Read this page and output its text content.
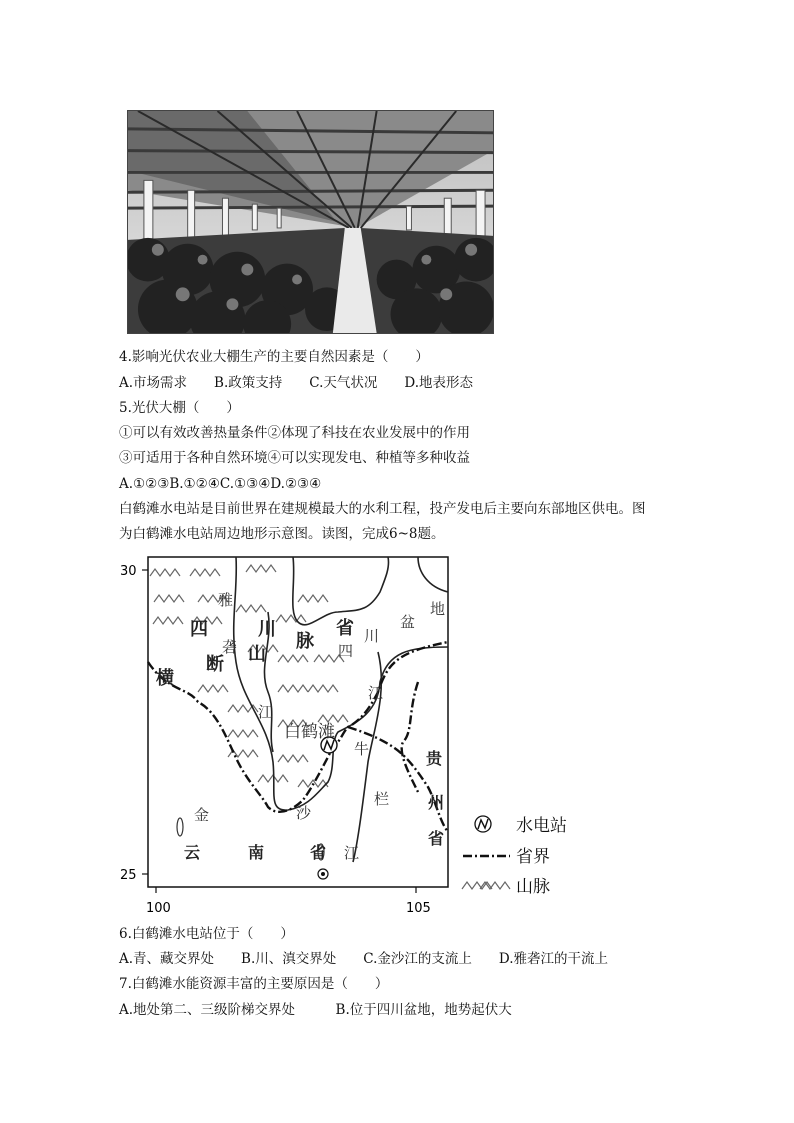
4.影响光伏农业大棚生产的主要自然因素是（　　）
A.市场需求　　B.政策支持　　C.天气状况　　D.地表形态
5.光伏大棚（　　）
①可以有效改善热量条件②体现了科技在农业发展中的作用
③可适用于各种自然环境④可以实现发电、种植等多种收益
A.①②③B.①②④C.①③④D.②③④
白鹤滩水电站是目前世界在建规模最大的水利工程，投产发电后主要向东部地区供电。图
为白鹤滩水电站周边地形示意图。读图，完成6~8题。
30
25
100	105
四	川
横
断 山
脉
省
雅
砻
江
四
川
盆
地
江
牛
栏
江
金	沙
白鹤滩
贵
州
省
云	南	省
水电站
省界
山脉
6.白鹤滩水电站位于（　　）
A.青、藏交界处　　B.川、滇交界处　　C.金沙江的支流上　　D.雅砻江的干流上
7.白鹤滩水能资源丰富的主要原因是（　　）
A.地处第二、三级阶梯交界处　　　B.位于四川盆地，地势起伏大
